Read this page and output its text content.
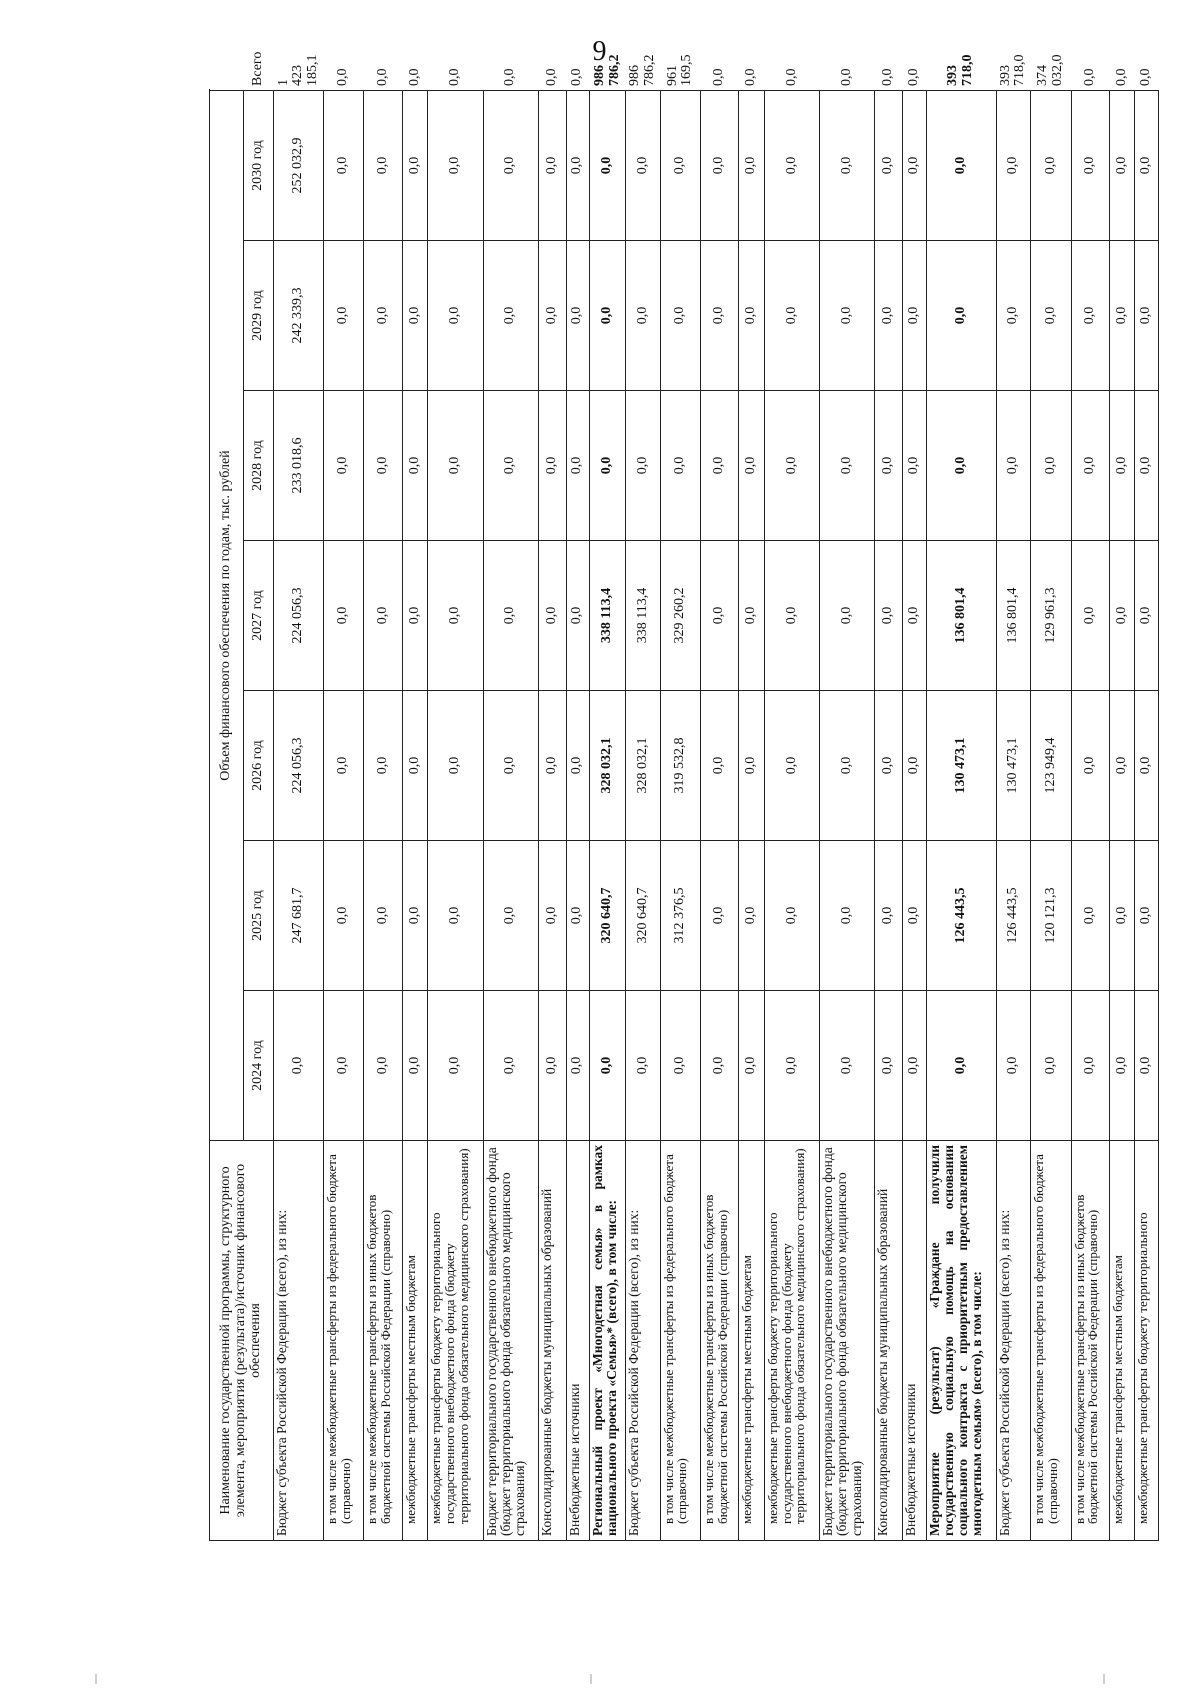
9
Наименование государственной программы, структурного элемента, мероприятия (результата)/источник финансового обеспечения	Объем финансового обеспечения по годам, тыс. рублей							
	2024 год	2025 год	2026 год	2027 год	2028 год	2029 год	2030 год	Всего
Бюджет субъекта Российской Федерации (всего), из них:	0,0	247 681,7	224 056,3	224 056,3	233 018,6	242 339,3	252 032,9	1 423 185,1
в том числе межбюджетные трансферты из федерального бюджета (справочно)	0,0	0,0	0,0	0,0	0,0	0,0	0,0	0,0
в том числе межбюджетные трансферты из иных бюджетов бюджетной системы Российской Федерации (справочно)	0,0	0,0	0,0	0,0	0,0	0,0	0,0	0,0
межбюджетные трансферты местным бюджетам	0,0	0,0	0,0	0,0	0,0	0,0	0,0	0,0
межбюджетные трансферты бюджету территориального государственного внебюджетного фонда (бюджету территориального фонда обязательного медицинского страхования)	0,0	0,0	0,0	0,0	0,0	0,0	0,0	0,0
Бюджет территориального государственного внебюджетного фонда (бюджет территориального фонда обязательного медицинского страхования)	0,0	0,0	0,0	0,0	0,0	0,0	0,0	0,0
Консолидированные бюджеты муниципальных образований	0,0	0,0	0,0	0,0	0,0	0,0	0,0	0,0
Внебюджетные источники	0,0	0,0	0,0	0,0	0,0	0,0	0,0	0,0
Региональный проект «Многодетная семья» в рамках национального проекта «Семья»* (всего), в том числе:	0,0	320 640,7	328 032,1	338 113,4	0,0	0,0	0,0	986 786,2
Бюджет субъекта Российской Федерации (всего), из них:	0,0	320 640,7	328 032,1	338 113,4	0,0	0,0	0,0	986 786,2
в том числе межбюджетные трансферты из федерального бюджета (справочно)	0,0	312 376,5	319 532,8	329 260,2	0,0	0,0	0,0	961 169,5
в том числе межбюджетные трансферты из иных бюджетов бюджетной системы Российской Федерации (справочно)	0,0	0,0	0,0	0,0	0,0	0,0	0,0	0,0
межбюджетные трансферты местным бюджетам	0,0	0,0	0,0	0,0	0,0	0,0	0,0	0,0
межбюджетные трансферты бюджету территориального государственного внебюджетного фонда (бюджету территориального фонда обязательного медицинского страхования)	0,0	0,0	0,0	0,0	0,0	0,0	0,0	0,0
Бюджет территориального государственного внебюджетного фонда (бюджет территориального фонда обязательного медицинского страхования)	0,0	0,0	0,0	0,0	0,0	0,0	0,0	0,0
Консолидированные бюджеты муниципальных образований	0,0	0,0	0,0	0,0	0,0	0,0	0,0	0,0
Внебюджетные источники	0,0	0,0	0,0	0,0	0,0	0,0	0,0	0,0
Мероприятие (результат) «Граждане получили государственную социальную помощь на основании социального контракта с приоритетным предоставлением многодетным семьям» (всего), в том числе:	0,0	126 443,5	130 473,1	136 801,4	0,0	0,0	0,0	393 718,0
Бюджет субъекта Российской Федерации (всего), из них:	0,0	126 443,5	130 473,1	136 801,4	0,0	0,0	0,0	393 718,0
в том числе межбюджетные трансферты из федерального бюджета (справочно)	0,0	120 121,3	123 949,4	129 961,3	0,0	0,0	0,0	374 032,0
в том числе межбюджетные трансферты из иных бюджетов бюджетной системы Российской Федерации (справочно)	0,0	0,0	0,0	0,0	0,0	0,0	0,0	0,0
межбюджетные трансферты местным бюджетам	0,0	0,0	0,0	0,0	0,0	0,0	0,0	0,0
межбюджетные трансферты бюджету территориального	0,0	0,0	0,0	0,0	0,0	0,0	0,0	0,0
